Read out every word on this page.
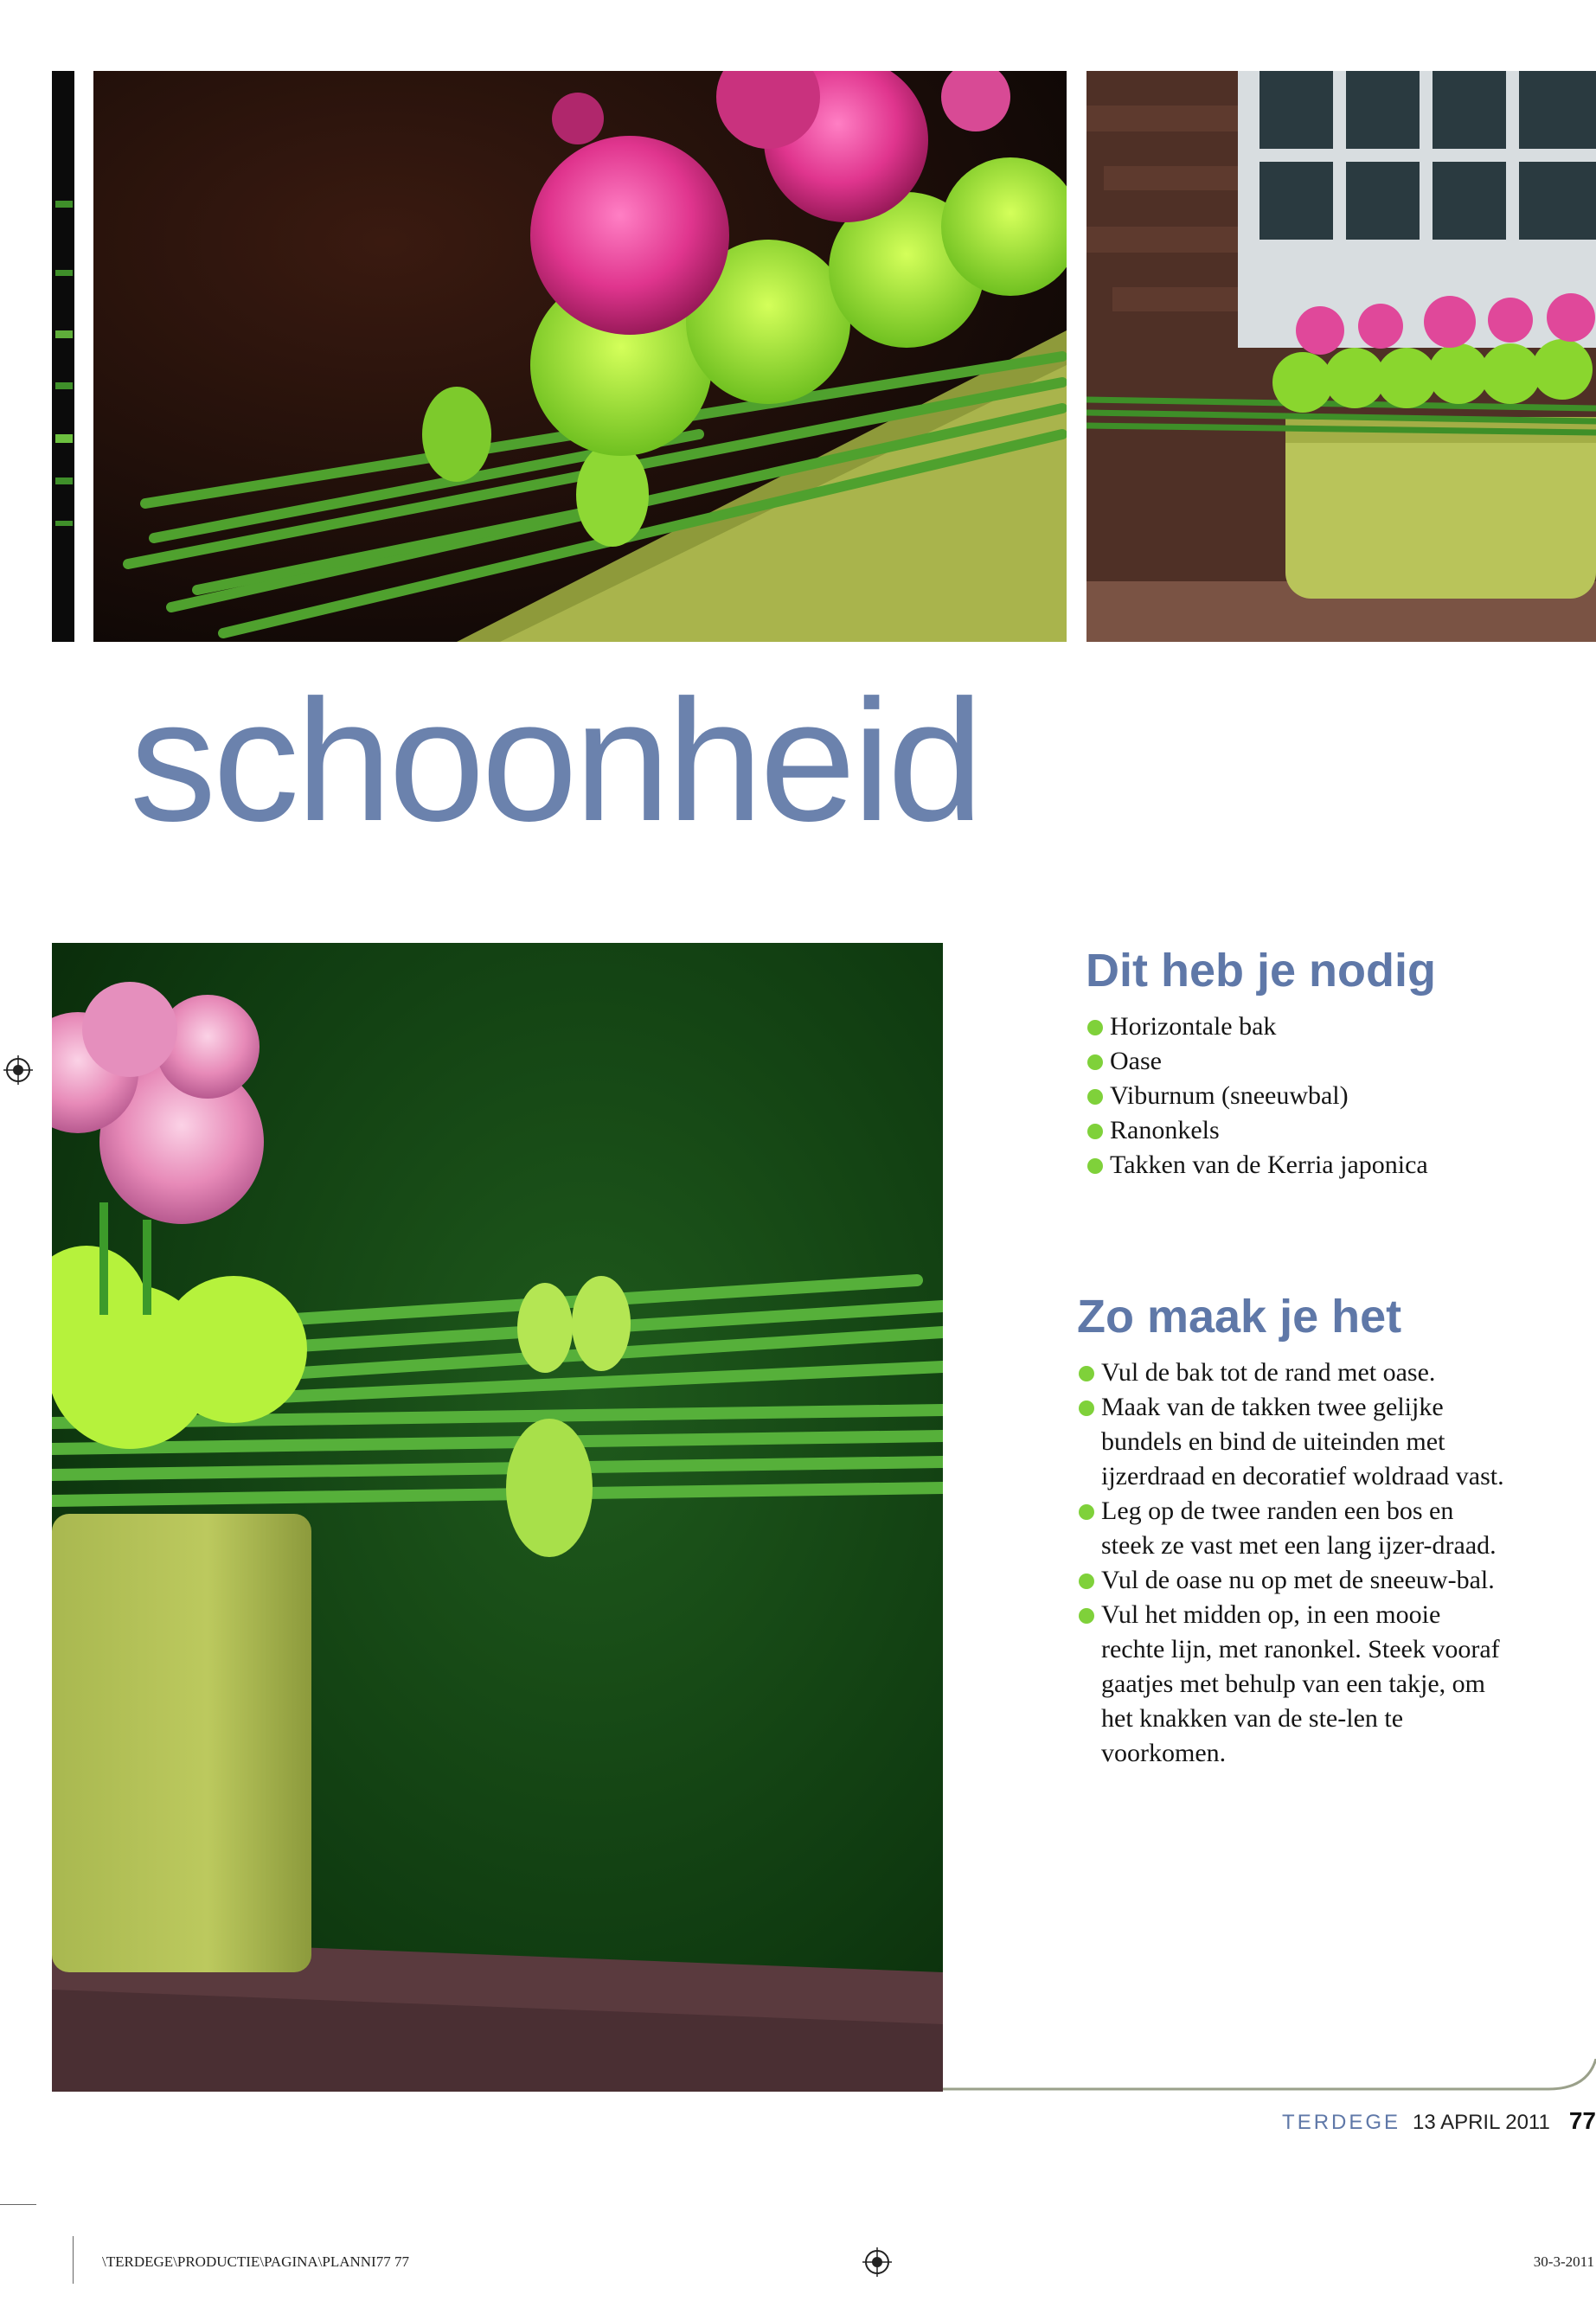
schoonheid
Dit heb je nodig
Horizontale bak
Oase
Viburnum (sneeuwbal)
Ranonkels
Takken van de Kerria japonica
Zo maak je het
Vul de bak tot de rand met oase.
Maak van de takken twee gelijke bundels en bind de uiteinden met ijzerdraad en decoratief woldraad vast.
Leg op de twee randen een bos en steek ze vast met een lang ijzer-draad.
Vul de oase nu op met de sneeuw-bal.
Vul het midden op, in een mooie rechte lijn, met ranonkel. Steek vooraf gaatjes met behulp van een takje, om het knakken van de ste-len te voorkomen.
TERDEGE 13 APRIL 2011 77
\TERDEGE\PRODUCTIE\PAGINA\PLANNI77 77	30-3-2011
